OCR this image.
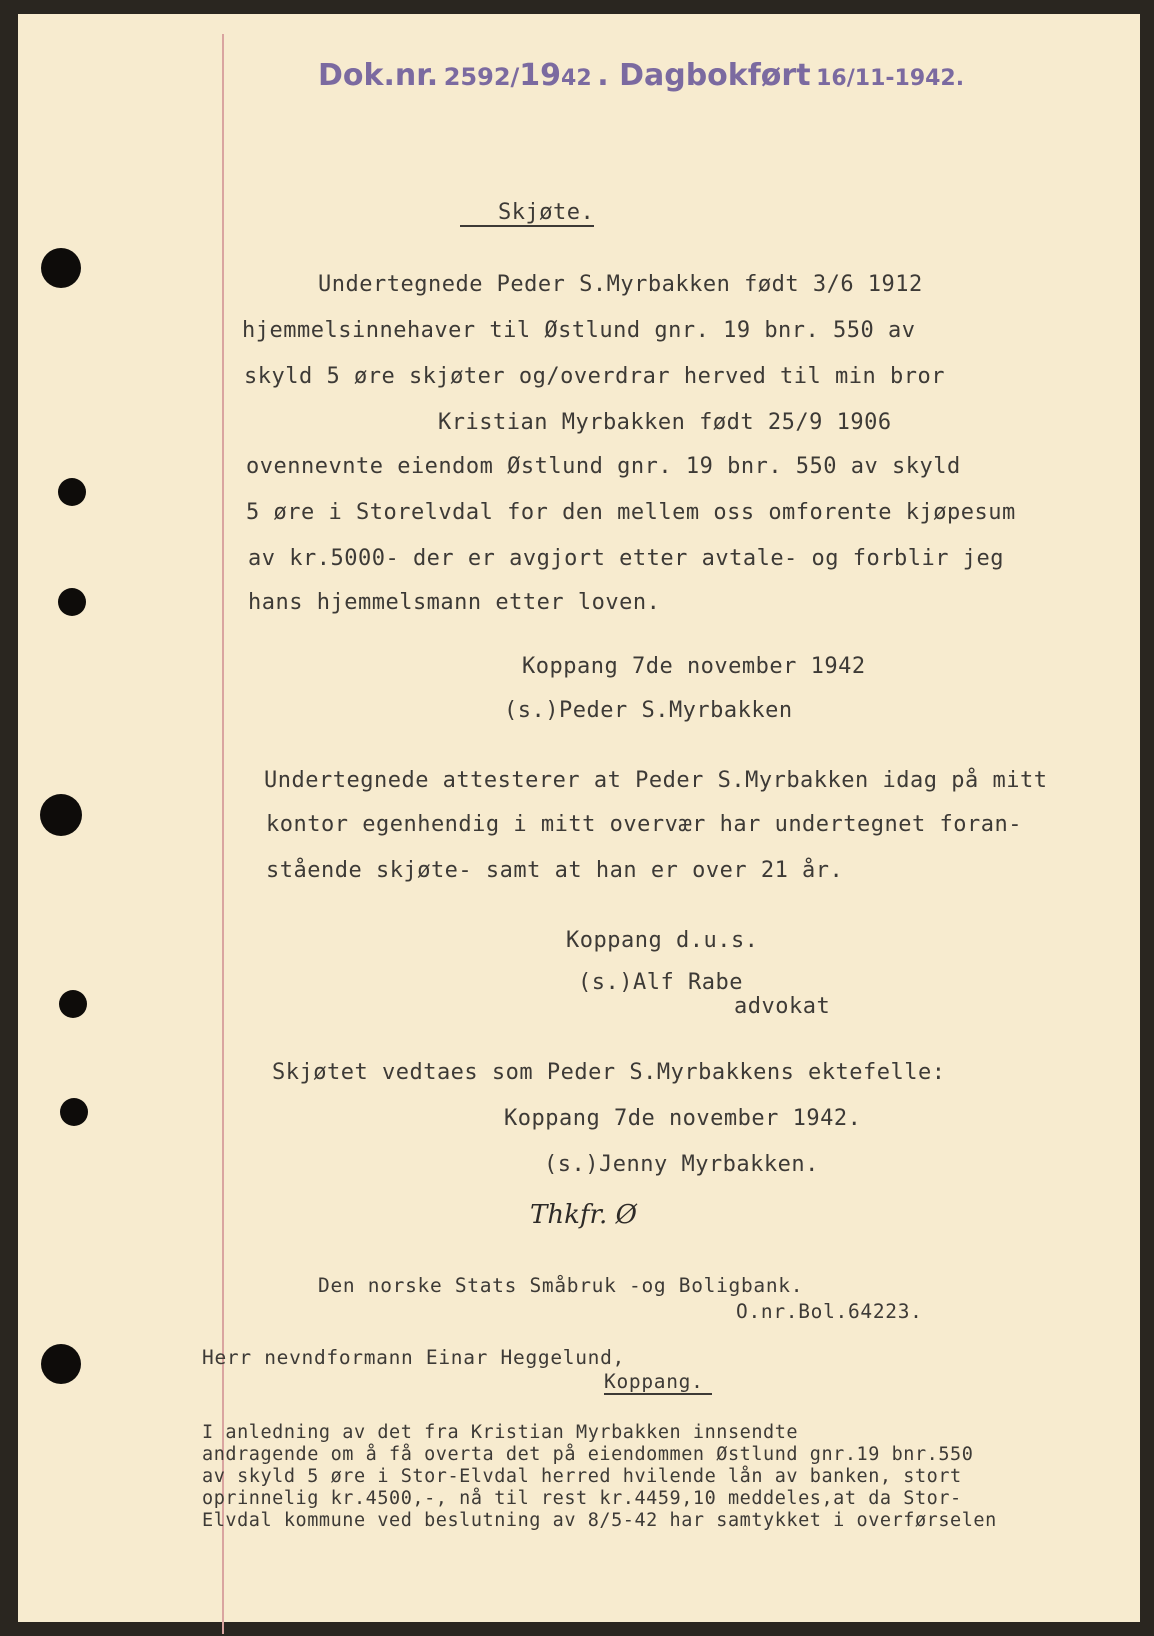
Dok.nr. 2592/1942 . Dagbokført 16/11-1942.
Skjøte.
Undertegnede Peder S.Myrbakken født 3/6 1912
hjemmelsinnehaver til Østlund gnr. 19 bnr. 550 av
skyld 5 øre skjøter og/overdrar herved til min bror
Kristian Myrbakken født 25/9 1906
ovennevnte eiendom Østlund gnr. 19 bnr. 550 av skyld
5 øre i Storelvdal for den mellem oss omforente kjøpesum
av kr.5000- der er avgjort etter avtale- og forblir jeg
hans hjemmelsmann etter loven.
Koppang 7de november 1942
(s.)Peder S.Myrbakken
Undertegnede attesterer at Peder S.Myrbakken idag på mitt
kontor egenhendig i mitt overvær har undertegnet foran-
stående skjøte- samt at han er over 21 år.
Koppang d.u.s.
(s.)Alf Rabe
advokat
Skjøtet vedtaes som Peder S.Myrbakkens ektefelle:
Koppang 7de november 1942.
(s.)Jenny Myrbakken.
Thkfr. Ø
Den norske Stats Småbruk -og Boligbank.
O.nr.Bol.64223.
Herr nevndformann Einar Heggelund,
Koppang.
I anledning av det fra Kristian Myrbakken innsendte
andragende om å få overta det på eiendommen Østlund gnr.19 bnr.550
av skyld 5 øre i Stor-Elvdal herred hvilende lån av banken, stort
oprinnelig kr.4500,-, nå til rest kr.4459,10 meddeles,at da Stor-
Elvdal kommune ved beslutning av 8/5-42 har samtykket i overførselen
